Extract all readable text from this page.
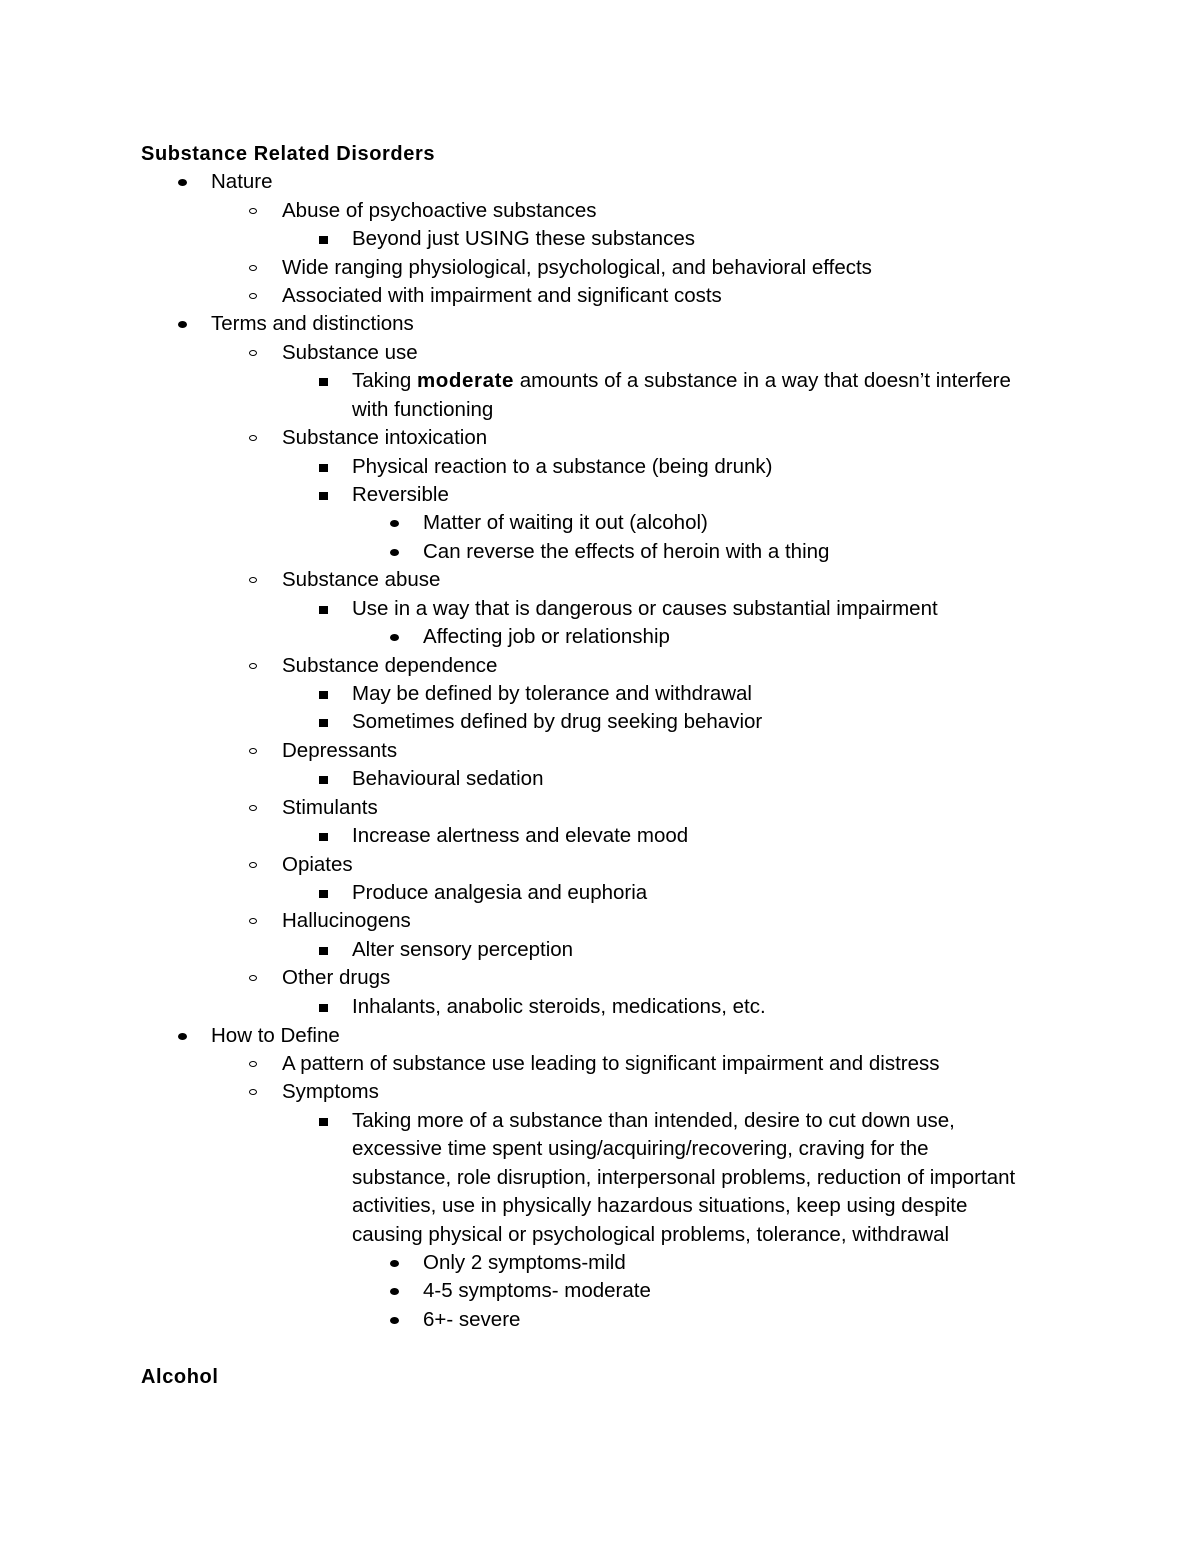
Substance Related Disorders
Nature
Abuse of psychoactive substances
Beyond just USING these substances
Wide ranging physiological, psychological, and behavioral effects
Associated with impairment and significant costs
Terms and distinctions
Substance use
Taking moderate amounts of a substance in a way that doesn’t interfere
with functioning
Substance intoxication
Physical reaction to a substance (being drunk)
Reversible
Matter of waiting it out (alcohol)
Can reverse the effects of heroin with a thing
Substance abuse
Use in a way that is dangerous or causes substantial impairment
Affecting job or relationship
Substance dependence
May be defined by tolerance and withdrawal
Sometimes defined by drug seeking behavior
Depressants
Behavioural sedation
Stimulants
Increase alertness and elevate mood
Opiates
Produce analgesia and euphoria
Hallucinogens
Alter sensory perception
Other drugs
Inhalants, anabolic steroids, medications, etc.
How to Define
A pattern of substance use leading to significant impairment and distress
Symptoms
Taking more of a substance than intended, desire to cut down use,
excessive time spent using/acquiring/recovering, craving for the
substance, role disruption, interpersonal problems, reduction of important
activities, use in physically hazardous situations, keep using despite
causing physical or psychological problems, tolerance, withdrawal
Only 2 symptoms-mild
4-5 symptoms- moderate
6+- severe
Alcohol
